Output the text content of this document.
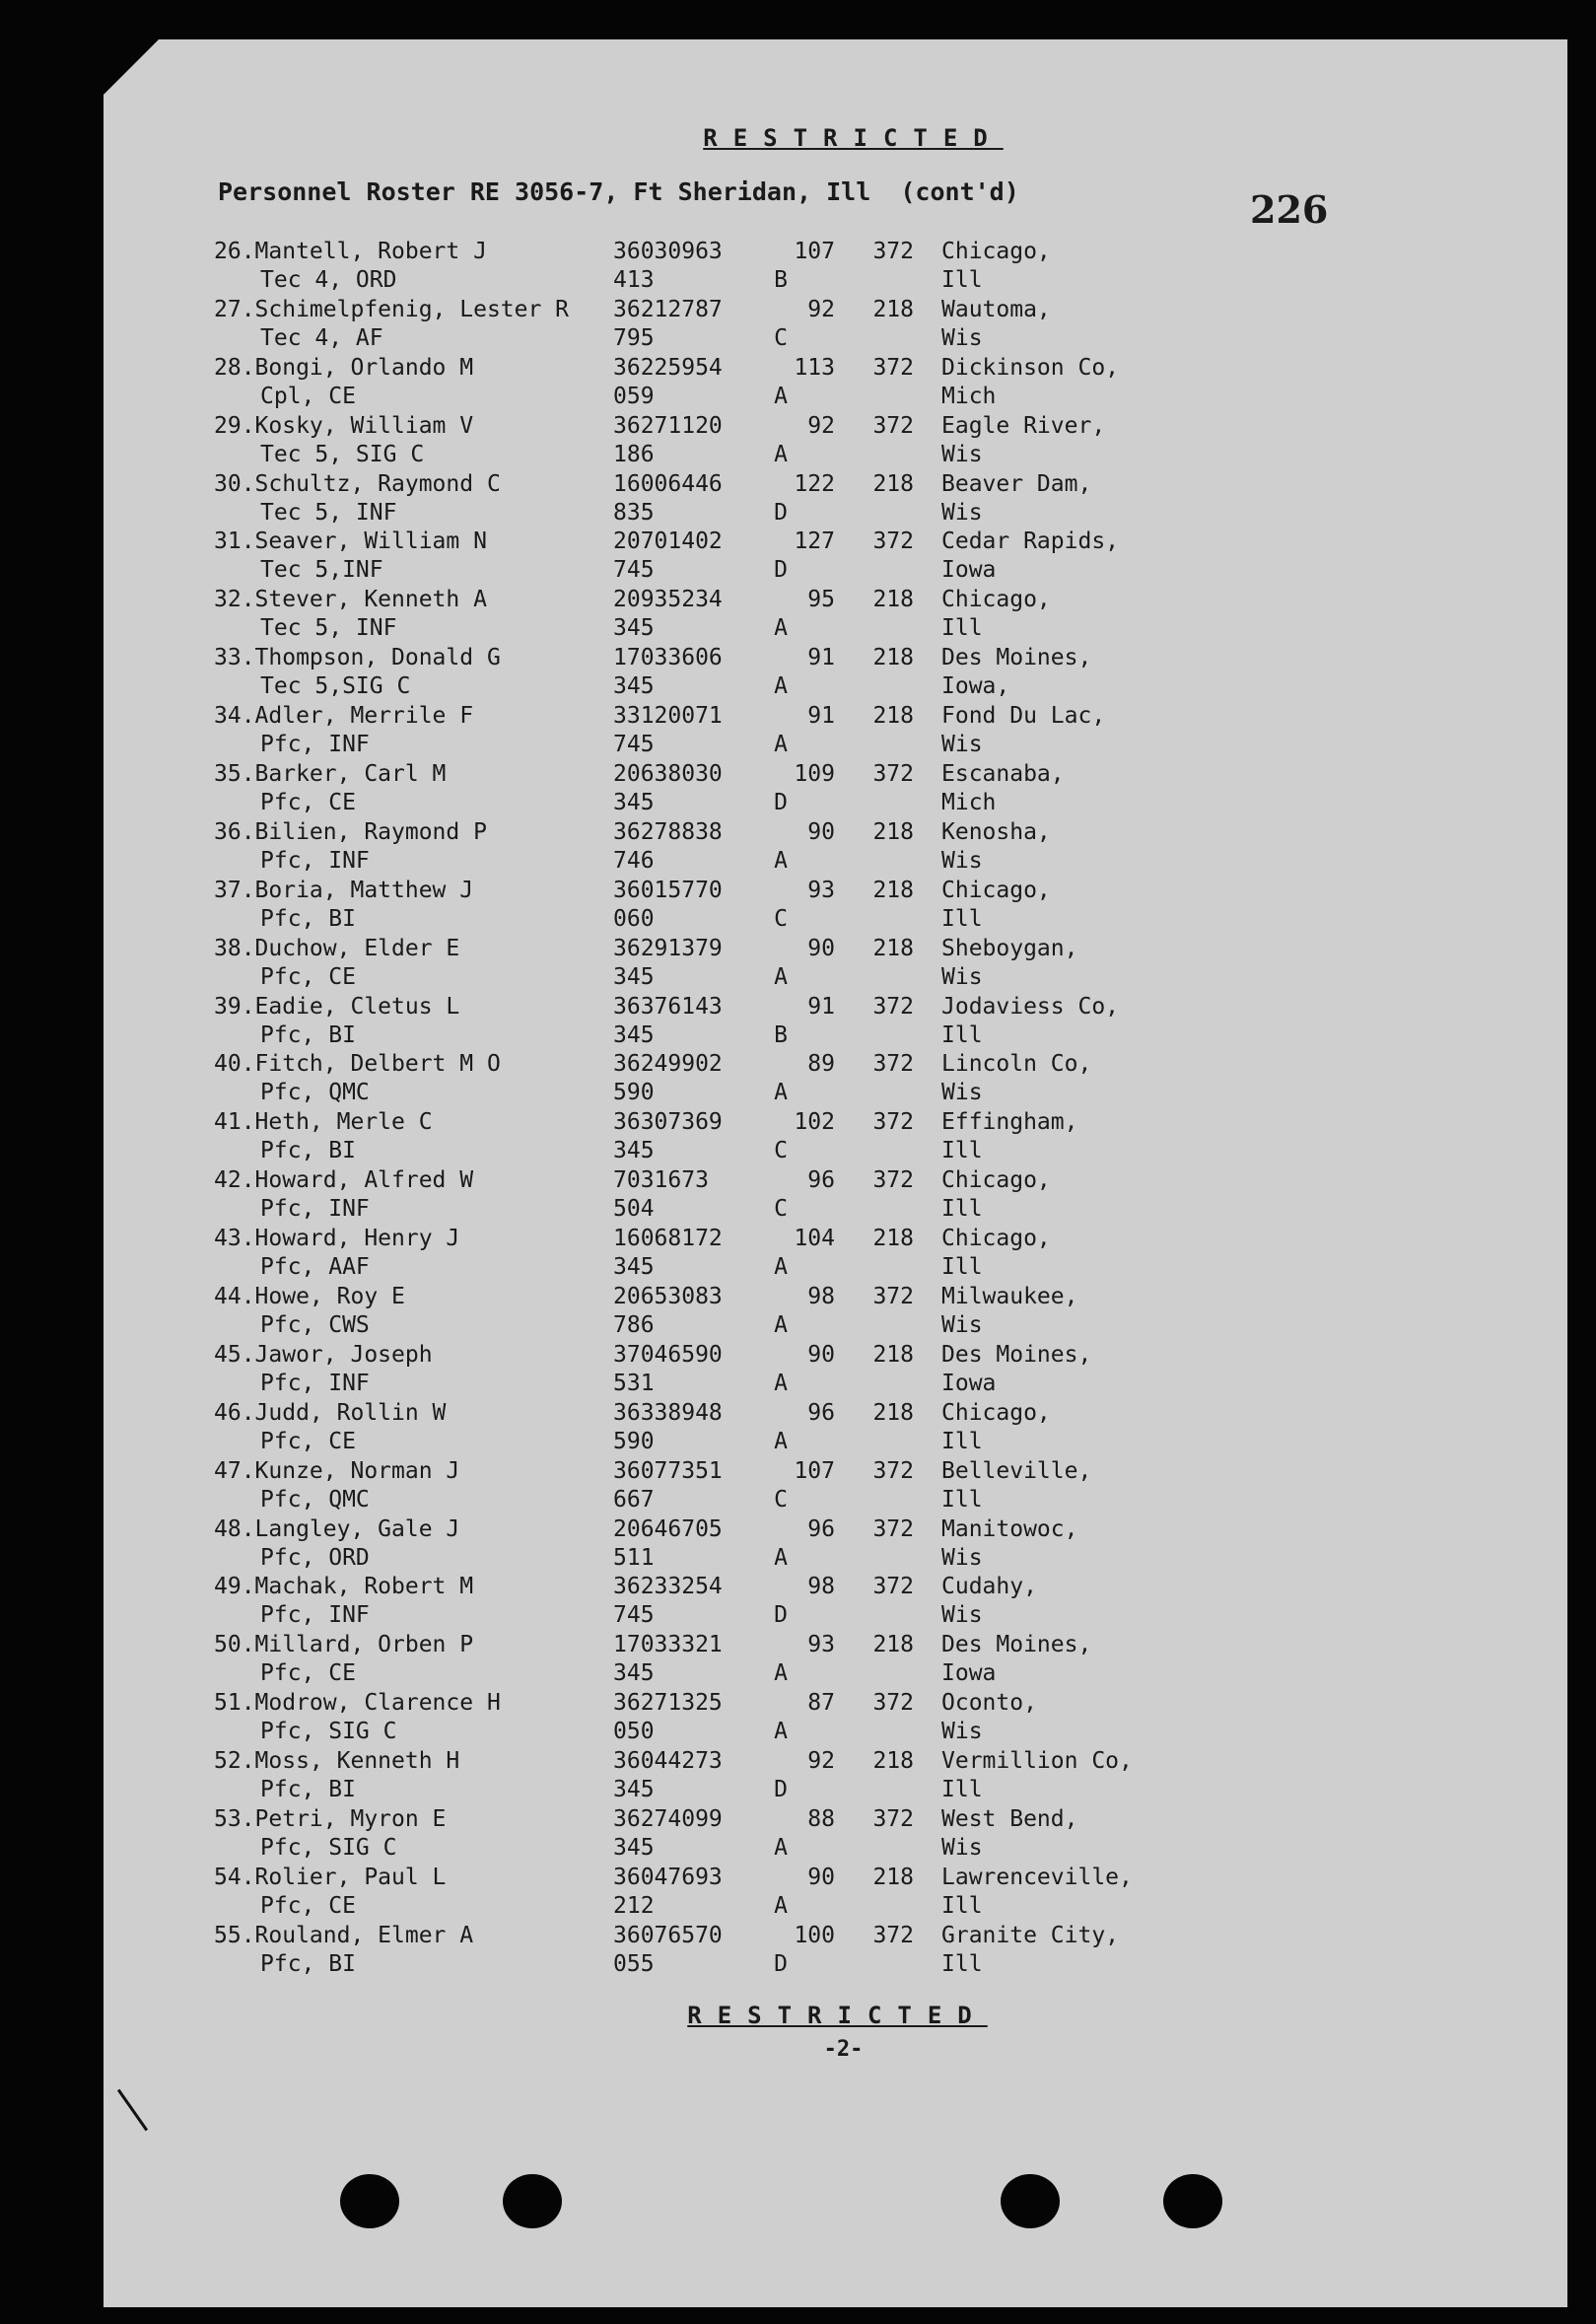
RESTRICTED
Personnel Roster RE 3056-7, Ft Sheridan, Ill  (cont'd)	226
26.Mantell, Robert J	36030963	107	372 Chicago,
Tec 4, ORD	413	B	Ill
27.Schimelpfenig, Lester R 36212787	92	218 Wautoma,
Tec 4, AF	795	C	Wis
28.Bongi, Orlando M	36225954	113	372 Dickinson Co,
Cpl, CE	059	A	Mich
29.Kosky, William V	36271120	92	372 Eagle River,
Tec 5, SIG C	186	A	Wis
30.Schultz, Raymond C	16006446	122	218 Beaver Dam,
Tec 5, INF	835	D	Wis
31.Seaver, William N	20701402	127	372 Cedar Rapids,
Tec 5,INF	745	D	Iowa
32.Stever, Kenneth A	20935234	95	218 Chicago,
Tec 5, INF	345	A	Ill
33.Thompson, Donald G	17033606	91	218 Des Moines,
Tec 5,SIG C	345	A	Iowa,
34.Adler, Merrile F	33120071	91	218 Fond Du Lac,
Pfc, INF	745	A	Wis
35.Barker, Carl M	20638030	109	372 Escanaba,
Pfc, CE	345	D	Mich
36.Bilien, Raymond P	36278838	90	218 Kenosha,
Pfc, INF	746	A	Wis
37.Boria, Matthew J	36015770	93	218 Chicago,
Pfc, BI	060	C	Ill
38.Duchow, Elder E	36291379	90	218 Sheboygan,
Pfc, CE	345	A	Wis
39.Eadie, Cletus L	36376143	91	372 Jodaviess Co,
Pfc, BI	345	B	Ill
40.Fitch, Delbert M O	36249902	89	372 Lincoln Co,
Pfc, QMC	590	A	Wis
41.Heth, Merle C	36307369	102	372 Effingham,
Pfc, BI	345	C	Ill
42.Howard, Alfred W	7031673	96	372 Chicago,
Pfc, INF	504	C	Ill
43.Howard, Henry J	16068172	104	218 Chicago,
Pfc, AAF	345	A	Ill
44.Howe, Roy E	20653083	98	372 Milwaukee,
Pfc, CWS	786	A	Wis
45.Jawor, Joseph	37046590	90	218 Des Moines,
Pfc, INF	531	A	Iowa
46.Judd, Rollin W	36338948	96	218 Chicago,
Pfc, CE	590	A	Ill
47.Kunze, Norman J	36077351	107	372 Belleville,
Pfc, QMC	667	C	Ill
48.Langley, Gale J	20646705	96	372 Manitowoc,
Pfc, ORD	511	A	Wis
49.Machak, Robert M	36233254	98	372 Cudahy,
Pfc, INF	745	D	Wis
50.Millard, Orben P	17033321	93	218 Des Moines,
Pfc, CE	345	A	Iowa
51.Modrow, Clarence H	36271325	87	372 Oconto,
Pfc, SIG C	050	A	Wis
52.Moss, Kenneth H	36044273	92	218 Vermillion Co,
Pfc, BI	345	D	Ill
53.Petri, Myron E	36274099	88	372 West Bend,
Pfc, SIG C	345	A	Wis
54.Rolier, Paul L	36047693	90	218 Lawrenceville,
Pfc, CE	212	A	Ill
55.Rouland, Elmer A	36076570	100	372 Granite City,
Pfc, BI	055	D	Ill
RESTRICTED
-2-
